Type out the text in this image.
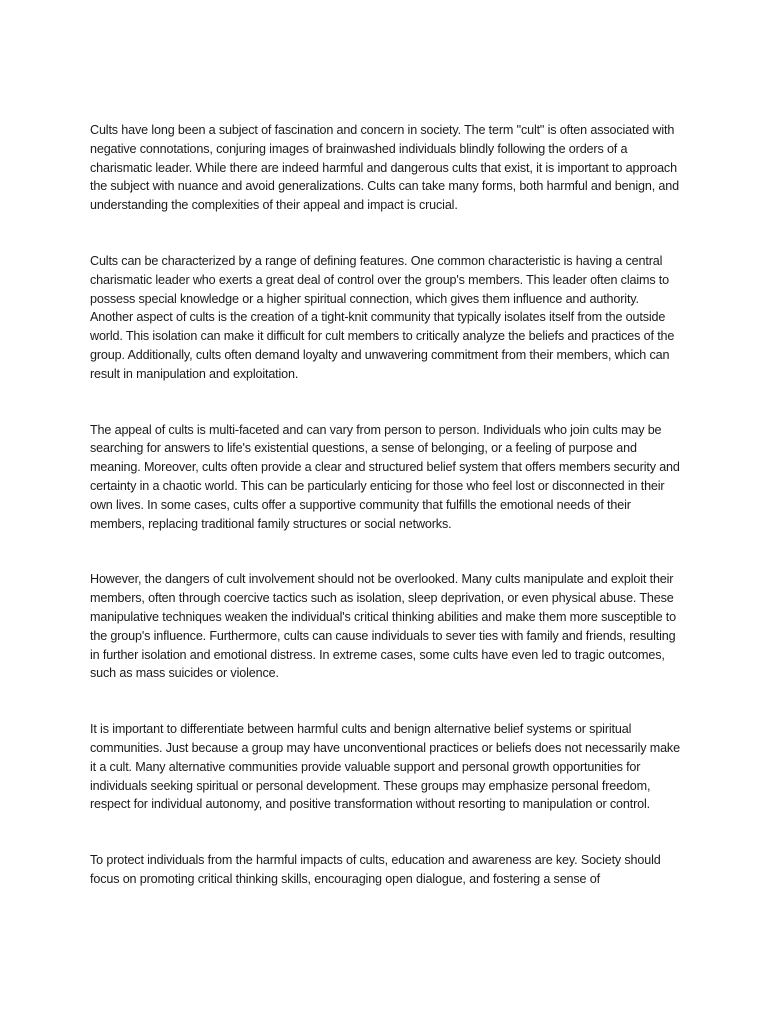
Cults have long been a subject of fascination and concern in society. The term "cult" is often associated with negative connotations, conjuring images of brainwashed individuals blindly following the orders of a charismatic leader. While there are indeed harmful and dangerous cults that exist, it is important to approach the subject with nuance and avoid generalizations. Cults can take many forms, both harmful and benign, and understanding the complexities of their appeal and impact is crucial.

Cults can be characterized by a range of defining features. One common characteristic is having a central charismatic leader who exerts a great deal of control over the group's members. This leader often claims to possess special knowledge or a higher spiritual connection, which gives them influence and authority. Another aspect of cults is the creation of a tight-knit community that typically isolates itself from the outside world. This isolation can make it difficult for cult members to critically analyze the beliefs and practices of the group. Additionally, cults often demand loyalty and unwavering commitment from their members, which can result in manipulation and exploitation.

The appeal of cults is multi-faceted and can vary from person to person. Individuals who join cults may be searching for answers to life's existential questions, a sense of belonging, or a feeling of purpose and meaning. Moreover, cults often provide a clear and structured belief system that offers members security and certainty in a chaotic world. This can be particularly enticing for those who feel lost or disconnected in their own lives. In some cases, cults offer a supportive community that fulfills the emotional needs of their members, replacing traditional family structures or social networks.

However, the dangers of cult involvement should not be overlooked. Many cults manipulate and exploit their members, often through coercive tactics such as isolation, sleep deprivation, or even physical abuse. These manipulative techniques weaken the individual's critical thinking abilities and make them more susceptible to the group's influence. Furthermore, cults can cause individuals to sever ties with family and friends, resulting in further isolation and emotional distress. In extreme cases, some cults have even led to tragic outcomes, such as mass suicides or violence.

It is important to differentiate between harmful cults and benign alternative belief systems or spiritual communities. Just because a group may have unconventional practices or beliefs does not necessarily make it a cult. Many alternative communities provide valuable support and personal growth opportunities for individuals seeking spiritual or personal development. These groups may emphasize personal freedom, respect for individual autonomy, and positive transformation without resorting to manipulation or control.

To protect individuals from the harmful impacts of cults, education and awareness are key. Society should focus on promoting critical thinking skills, encouraging open dialogue, and fostering a sense of
